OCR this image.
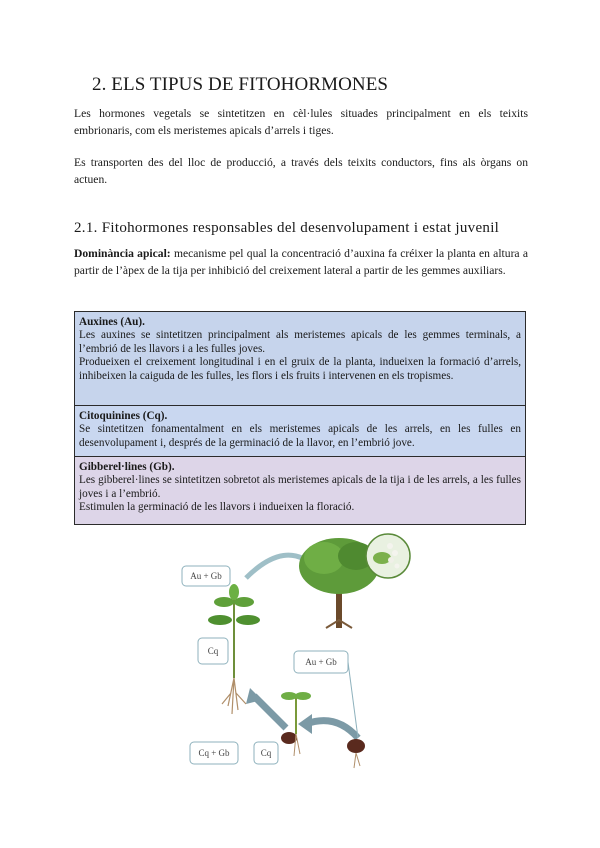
2. ELS TIPUS DE FITOHORMONES

Les hormones vegetals se sintetitzen en cèl·lules situades principalment en els teixits embrionaris, com els meristemes apicals d’arrels i tiges.

Es transporten des del lloc de producció, a través dels teixits conductors, fins als òrgans on actuen.

2.1. Fitohormones responsables del desenvolupament i estat juvenil

Dominància apical: mecanisme pel qual la concentració d’auxina fa créixer la planta en altura a partir de l’àpex de la tija per inhibició del creixement lateral a partir de les gemmes auxiliars.

Auxines (Au).

Les auxines se sintetitzen principalment als meristemes apicals de les gemmes terminals, a l’embrió de les llavors i a les fulles joves.

Produeixen el creixement longitudinal i en el gruix de la planta, indueixen la formació d’arrels, inhibeixen la caiguda de les fulles, les flors i els fruits i intervenen en els tropismes.

Citoquinines (Cq).

Se sintetitzen fonamentalment en els meristemes apicals de les arrels, en les fulles en desenvolupament i, després de la germinació de la llavor, en l’embrió jove.

Gibberel·lines (Gb).

Les gibberel·lines se sintetitzen sobretot als meristemes apicals de la tija i de les arrels, a les fulles joves i a l’embrió.

Estimulen la germinació de les llavors i indueixen la floració.

Au + Gb
Cq
Au + Gb
Cq + Gb	Cq
